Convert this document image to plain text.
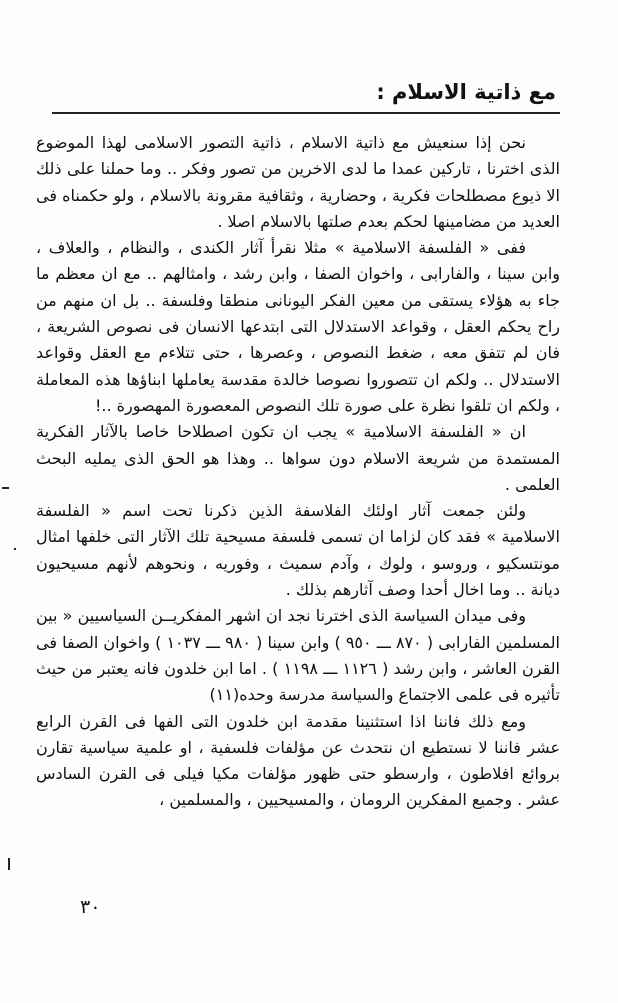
مع ذاتية الاسلام :

نحن إذا سنعيش مع ذاتية الاسلام ، ذاتية التصور الاسلامى لهذا الموضوع الذى اخترنا ، تاركين عمدا ما لدى الاخرين من تصور وفكر .. وما حملنا على ذلك الا ذيوع مصطلحات فكرية ، وحضارية ، وثقافية مقرونة بالاسلام ، ولو حكمناه فى العديد من مضامينها لحكم بعدم صلتها بالاسلام اصلا .

ففى « الفلسفة الاسلامية » مثلا نقرأ آثار الكندى ، والنظام ، والعلاف ، وابن سينا ، والفارابى ، واخوان الصفا ، وابن رشد ، وامثالهم .. مع ان معظم ما جاء به هؤلاء يستقى من معين الفكر اليونانى منطقا وفلسفة .. بل ان منهم من راح يحكم العقل ، وقواعد الاستدلال التى ابتدعها الانسان فى نصوص الشريعة ، فان لم تتفق معه ، ضغط النصوص ، وعصرها ، حتى تتلاءم مع العقل وقواعد الاستدلال .. ولكم ان تتصوروا نصوصا خالدة مقدسة يعاملها ابناؤها هذه المعاملة ، ولكم ان تلقوا نظرة على صورة تلك النصوص المعصورة المهصورة ..!

ان « الفلسفة الاسلامية » يجب ان تكون اصطلاحا خاصا بالآثار الفكرية المستمدة من شريعة الاسلام دون سواها .. وهذا هو الحق الذى يمليه البحث العلمى .

ولئن جمعت آثار اولئك الفلاسفة الذين ذكرنا تحت اسم « الفلسفة الاسلامية » فقد كان لزاما ان تسمى فلسفة مسيحية تلك الآثار التى خلفها امثال مونتسكيو ، وروسو ، ولوك ، وآدم سميث ، وفوريه ، ونحوهم لأنهم مسيحيون ديانة .. وما اخال أحدا وصف آثارهم بذلك .

وفى ميدان السياسة الذى اخترنا نجد ان اشهر المفكريــن السياسيين « بين المسلمين الفارابى ( ٨٧٠ ـــ ٩٥٠ ) وابن سينا ( ٩٨٠ ـــ ١٠٣٧ ) واخوان الصفا فى القرن العاشر ، وابن رشد ( ١١٢٦ ـــ ١١٩٨ ) . اما ابن خلدون فانه يعتبر من حيث تأثيره فى علمى الاجتماع والسياسة مدرسة وحده(١١)

ومع ذلك فاننا اذا استثنينا مقدمة ابن خلدون التى الفها فى القرن الرابع عشر فاننا لا نستطيع ان نتحدث عن مؤلفات فلسفية ، او علمية سياسية تقارن بروائع افلاطون ، وارسطو حتى ظهور مؤلفات مكيا فيلى فى القرن السادس عشر . وجميع المفكرين الرومان ، والمسيحيين ، والمسلمين ،

٣٠
